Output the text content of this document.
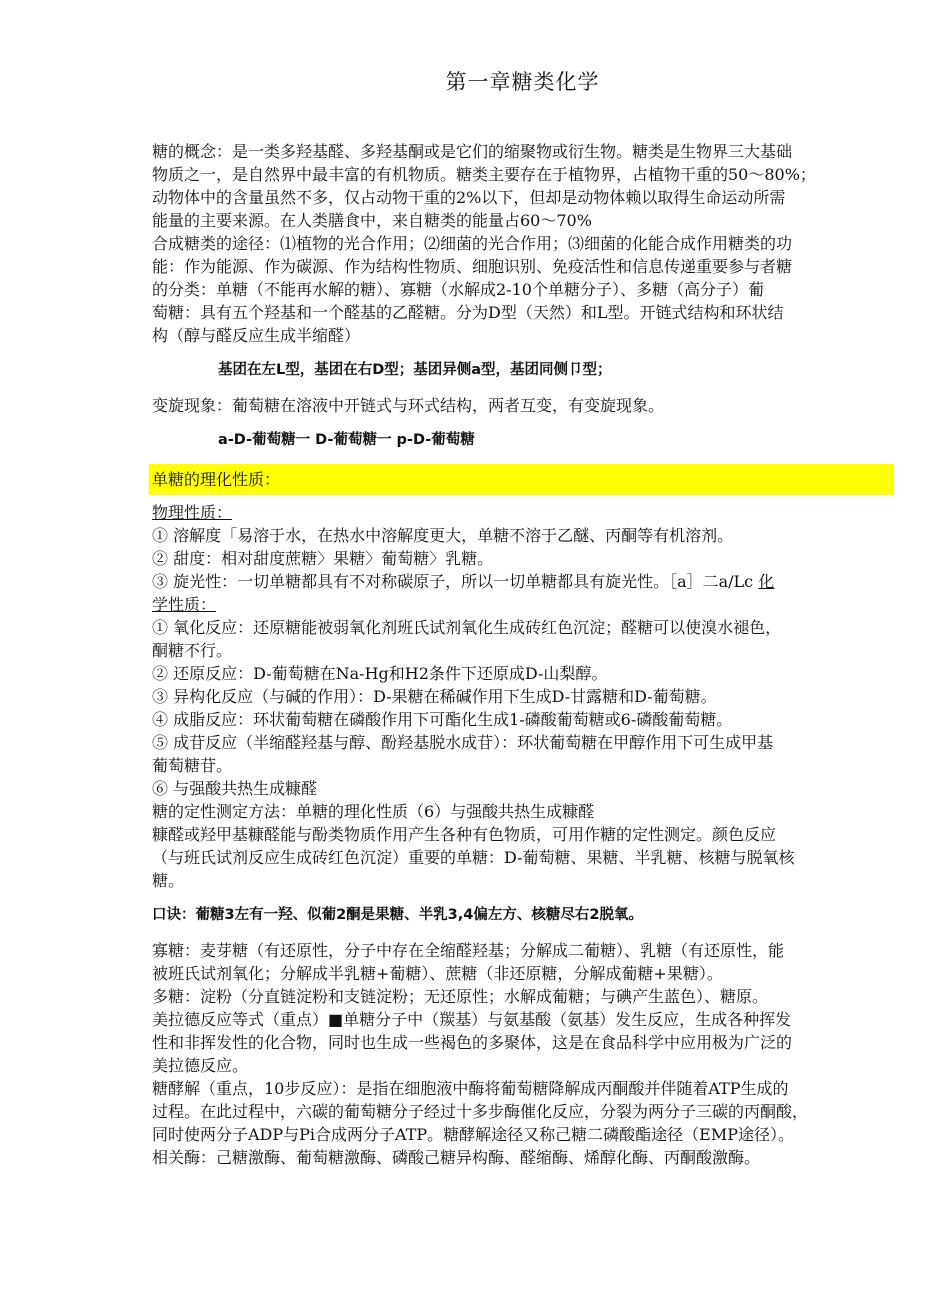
第一章糖类化学

糖的概念：是一类多羟基醛、多羟基酮或是它们的缩聚物或衍生物。糖类是生物界三大基础

物质之一，是自然界中最丰富的有机物质。糖类主要存在于植物界，占植物干重的50〜80%；

动物体中的含量虽然不多，仅占动物干重的2%以下，但却是动物体赖以取得生命运动所需

能量的主要来源。在人类膳食中，来自糖类的能量占60〜70%

合成糖类的途径：⑴植物的光合作用；⑵细菌的光合作用；⑶细菌的化能合成作用糖类的功

能：作为能源、作为碳源、作为结构性物质、细胞识别、免疫活性和信息传递重要参与者糖

的分类：单糖（不能再水解的糖）、寡糖（水解成2-10个单糖分子）、多糖（高分子）葡

萄糖：具有五个羟基和一个醛基的乙醛糖。分为D型（天然）和L型。开链式结构和环状结

构（醇与醛反应生成半缩醛）

基团在左L型，基团在右D型；基团异侧a型，基团同侧卩型；

变旋现象：葡萄糖在溶液中开链式与环式结构，两者互变，有变旋现象。

a-D-葡萄糖一 D-葡萄糖一 p-D-葡萄糖

单糖的理化性质：

物理性质：

① 溶解度「易溶于水，在热水中溶解度更大，单糖不溶于乙醚、丙酮等有机溶剂。

② 甜度：相对甜度蔗糖〉果糖〉葡萄糖〉乳糖。

③ 旋光性：一切单糖都具有不对称碳原子，所以一切单糖都具有旋光性。［a］二a/Lc 化

学性质：

① 氧化反应：还原糖能被弱氧化剂班氏试剂氧化生成砖红色沉淀；醛糖可以使溴水褪色，

酮糖不行。

② 还原反应：D-葡萄糖在Na-Hg和H2条件下还原成D-山梨醇。

③ 异构化反应（与碱的作用）：D-果糖在稀碱作用下生成D-甘露糖和D-葡萄糖。

④ 成脂反应：环状葡萄糖在磷酸作用下可酯化生成1-磷酸葡萄糖或6-磷酸葡萄糖。

⑤ 成苷反应（半缩醛羟基与醇、酚羟基脱水成苷）：环状葡萄糖在甲醇作用下可生成甲基

葡萄糖苷。

⑥ 与强酸共热生成糠醛

糖的定性测定方法：单糖的理化性质（6）与强酸共热生成糠醛

糠醛或羟甲基糠醛能与酚类物质作用产生各种有色物质，可用作糖的定性测定。颜色反应

（与班氏试剂反应生成砖红色沉淀）重要的单糖：D-葡萄糖、果糖、半乳糖、核糖与脱氧核

糖。

口诀：葡糖3左有一羟、似葡2酮是果糖、半乳3,4偏左方、核糖尽右2脱氧。

寡糖：麦芽糖（有还原性，分子中存在全缩醛羟基；分解成二葡糖）、乳糖（有还原性，能

被班氏试剂氧化；分解成半乳糖+葡糖）、蔗糖（非还原糖，分解成葡糖+果糖）。

多糖：淀粉（分直链淀粉和支链淀粉；无还原性；水解成葡糖；与碘产生蓝色）、糖原。

美拉德反应等式（重点）■单糖分子中（羰基）与氨基酸（氨基）发生反应，生成各种挥发

性和非挥发性的化合物，同时也生成一些褐色的多聚体，这是在食品科学中应用极为广泛的

美拉德反应。

糖酵解（重点，10步反应）：是指在细胞液中酶将葡萄糖降解成丙酮酸并伴随着ATP生成的

过程。在此过程中，六碳的葡萄糖分子经过十多步酶催化反应，分裂为两分子三碳的丙酮酸，

同时使两分子ADP与Pi合成两分子ATP。糖酵解途径又称己糖二磷酸酯途径（EMP途径）。

相关酶：己糖激酶、葡萄糖激酶、磷酸己糖异构酶、醛缩酶、烯醇化酶、丙酮酸激酶。
